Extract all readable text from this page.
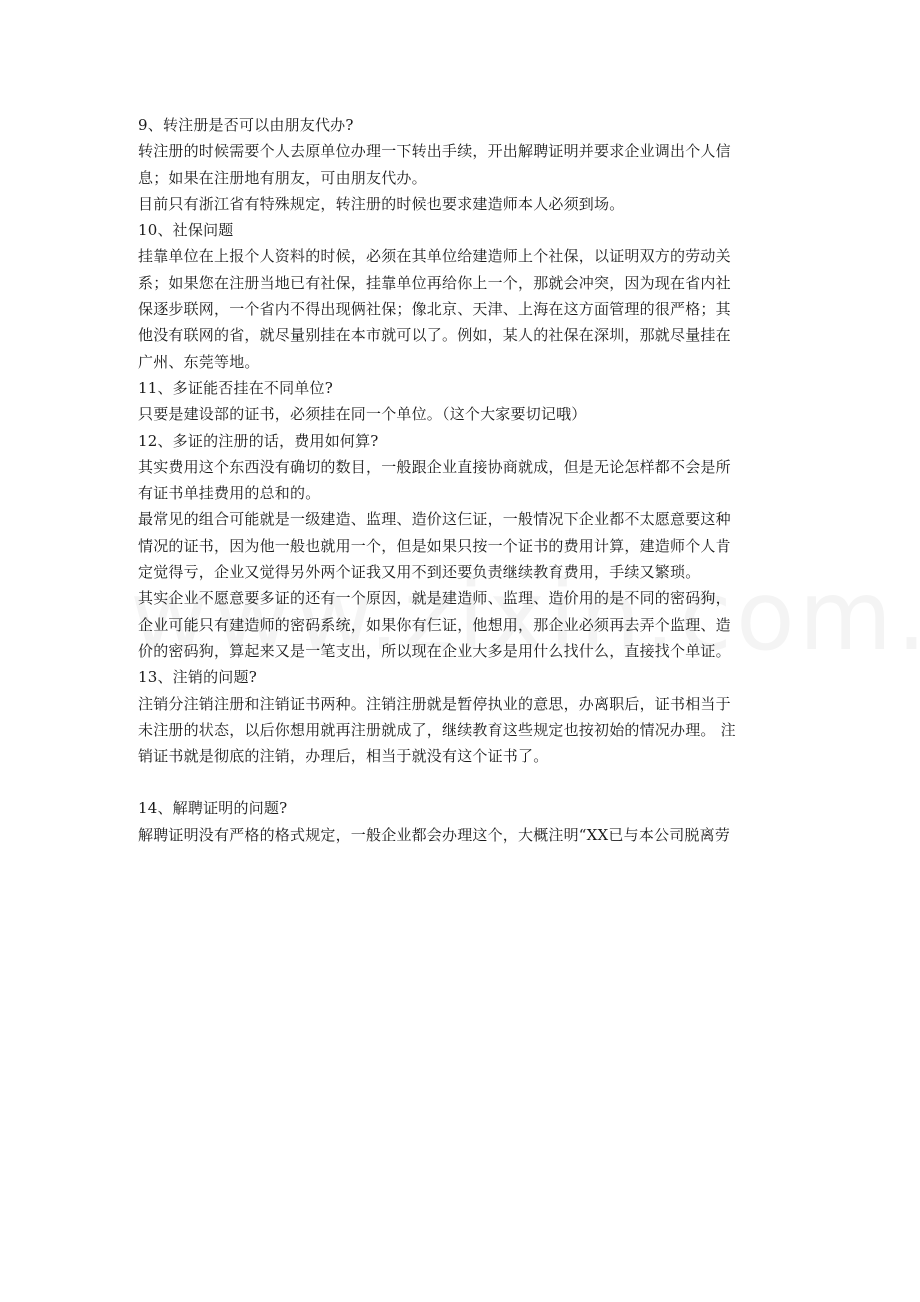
9、转注册是否可以由朋友代办?
转注册的时候需要个人去原单位办理一下转出手续，开出解聘证明并要求企业调出个人信
息；如果在注册地有朋友，可由朋友代办。
目前只有浙江省有特殊规定，转注册的时候也要求建造师本人必须到场。
10、社保问题
挂靠单位在上报个人资料的时候，必须在其单位给建造师上个社保，以证明双方的劳动关
系；如果您在注册当地已有社保，挂靠单位再给你上一个，那就会冲突，因为现在省内社
保逐步联网，一个省内不得出现俩社保；像北京、天津、上海在这方面管理的很严格；其
他没有联网的省，就尽量别挂在本市就可以了。例如，某人的社保在深圳，那就尽量挂在
广州、东莞等地。
11、多证能否挂在不同单位?
只要是建设部的证书，必须挂在同一个单位。（这个大家要切记哦）
12、多证的注册的话，费用如何算?
其实费用这个东西没有确切的数目，一般跟企业直接协商就成，但是无论怎样都不会是所
有证书单挂费用的总和的。
最常见的组合可能就是一级建造、监理、造价这仨证，一般情况下企业都不太愿意要这种
情况的证书，因为他一般也就用一个，但是如果只按一个证书的费用计算，建造师个人肯
定觉得亏，企业又觉得另外两个证我又用不到还要负责继续教育费用，手续又繁琐。
其实企业不愿意要多证的还有一个原因，就是建造师、监理、造价用的是不同的密码狗，
企业可能只有建造师的密码系统，如果你有仨证，他想用，那企业必须再去弄个监理、造
价的密码狗，算起来又是一笔支出，所以现在企业大多是用什么找什么，直接找个单证。
13、注销的问题?
注销分注销注册和注销证书两种。注销注册就是暂停执业的意思，办离职后，证书相当于
未注册的状态，以后你想用就再注册就成了，继续教育这些规定也按初始的情况办理。 注
销证书就是彻底的注销，办理后，相当于就没有这个证书了。
14、解聘证明的问题?
解聘证明没有严格的格式规定，一般企业都会办理这个，大概注明“XX已与本公司脱离劳
